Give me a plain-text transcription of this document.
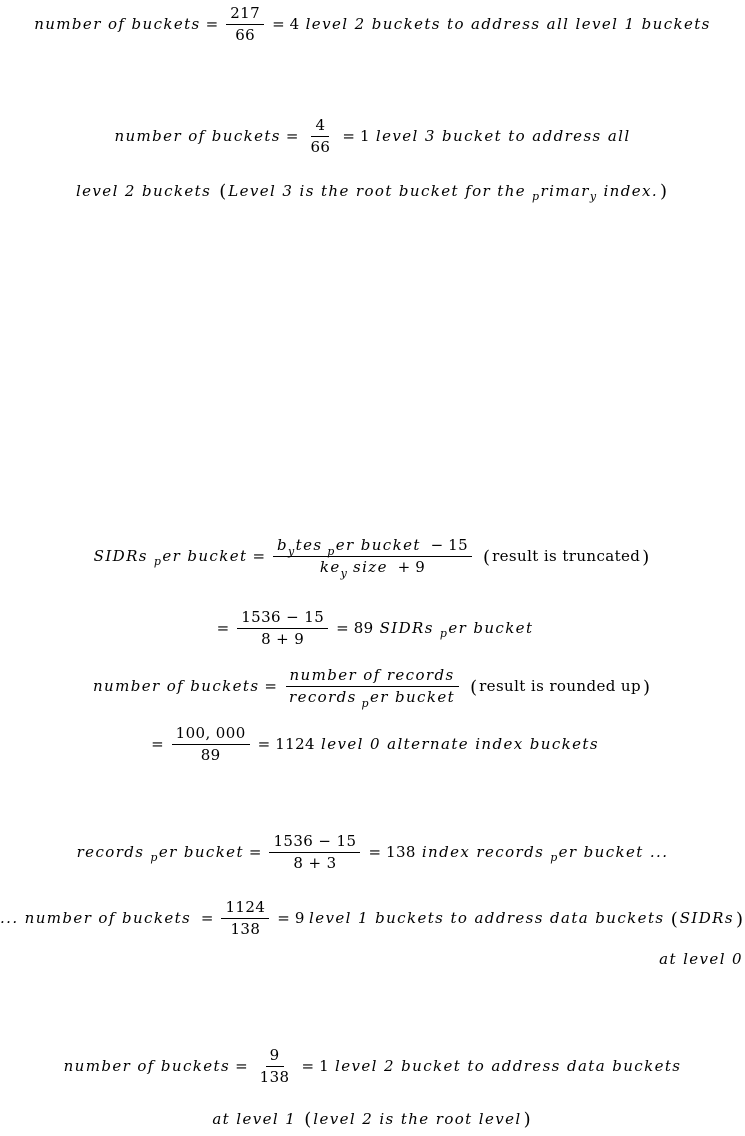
number of buckets = $\frac{217}{66} = 4$ level 2 buckets to address all level 1 buckets
number of buckets = $\frac{4}{66} = 1$ level 3 bucket to address all
level 2 buckets ( Level 3 is the root bucket for the p rimar y index. )
SIDRs p er bucket = $\frac{b_ytes _per bucket - 15}{ke_y size + 9}$ ( result is truncated )
= $\frac{1536 - 15}{8 + 9} = 89$ SIDRs p er bucket
number of buckets = $\frac{\text{number of records}}{records _per bucket}$ ( result is rounded up )
= $\frac{100, 000}{89} = 1124$ level 0 alternate index buckets
records p er bucket = $\frac{1536 - 15}{8 + 3} = 138$ index records p er bucket ...
... number of buckets = $\frac{1124}{138} = 9$ level 1 buckets to address data buckets ( SIDRs )
at level 0
number of buckets = $\frac{9}{138} = 1$ level 2 bucket to address data buckets
at level 1 ( level 2 is the root level )
